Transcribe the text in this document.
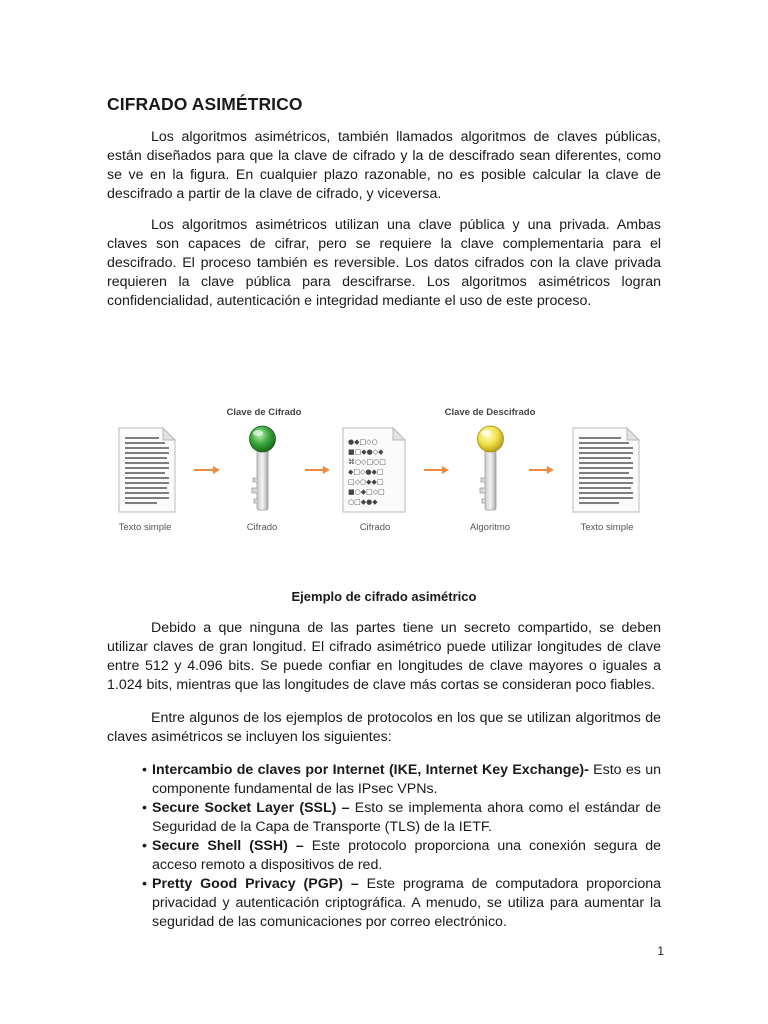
CIFRADO ASIMÉTRICO

Los algoritmos asimétricos, también llamados algoritmos de claves públicas, están diseñados para que la clave de cifrado y la de descifrado sean diferentes, como se ve en la figura. En cualquier plazo razonable, no es posible calcular la clave de descifrado a partir de la clave de cifrado, y viceversa.

Los algoritmos asimétricos utilizan una clave pública y una privada. Ambas claves son capaces de cifrar, pero se requiere la clave complementaria para el descifrado. El proceso también es reversible. Los datos cifrados con la clave privada requieren la clave pública para descifrarse. Los algoritmos asimétricos logran confidencialidad, autenticación e integridad mediante el uso de este proceso.

Clave de Cifrado	Clave de Descifrado
●◆□◇○
■□◆●◇◆
⌘○◇□○□
◆□◇●◆□
□◇○◆◆□
■○◆□◇□
○□◆●◆
Texto simple	Cifrado	Cifrado	Algoritmo	Texto simple
Ejemplo de cifrado asimétrico

Debido a que ninguna de las partes tiene un secreto compartido, se deben utilizar claves de gran longitud. El cifrado asimétrico puede utilizar longitudes de clave entre 512 y 4.096 bits. Se puede confiar en longitudes de clave mayores o iguales a 1.024 bits, mientras que las longitudes de clave más cortas se consideran poco fiables.

Entre algunos de los ejemplos de protocolos en los que se utilizan algoritmos de claves asimétricos se incluyen los siguientes:

• Intercambio de claves por Internet (IKE, Internet Key Exchange)- Esto es un componente fundamental de las IPsec VPNs.
• Secure Socket Layer (SSL) – Esto se implementa ahora como el estándar de Seguridad de la Capa de Transporte (TLS) de la IETF.
• Secure Shell (SSH) – Este protocolo proporciona una conexión segura de acceso remoto a dispositivos de red.
• Pretty Good Privacy (PGP) – Este programa de computadora proporciona privacidad y autenticación criptográfica. A menudo, se utiliza para aumentar la seguridad de las comunicaciones por correo electrónico.
1
